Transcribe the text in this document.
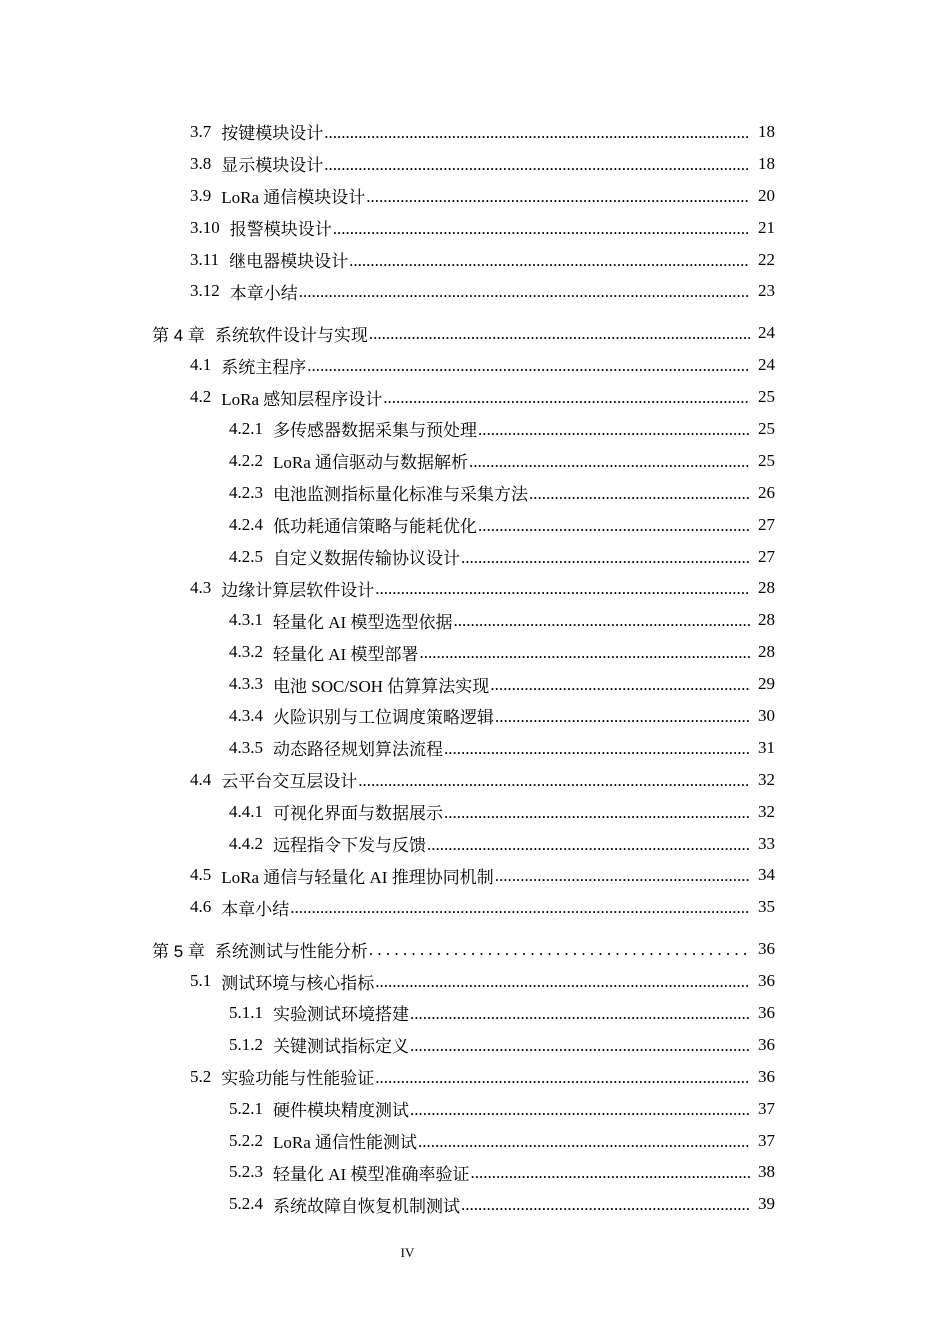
3.7 按键模块设计 .....	18
3.8 显示模块设计 .....	18
3.9 LoRa 通信模块设计 .....	20
3.10 报警模块设计 .....	21
3.11 继电器模块设计 .....	22
3.12 本章小结 .....	23
第 4 章 系统软件设计与实现 .....	24
4.1 系统主程序 .....	24
4.2 LoRa 感知层程序设计 .....	25
4.2.1 多传感器数据采集与预处理 .....	25
4.2.2 LoRa 通信驱动与数据解析 .....	25
4.2.3 电池监测指标量化标准与采集方法 .....	26
4.2.4 低功耗通信策略与能耗优化 .....	27
4.2.5 自定义数据传输协议设计 .....	27
4.3 边缘计算层软件设计 .....	28
4.3.1 轻量化 AI 模型选型依据 .....	28
4.3.2 轻量化 AI 模型部署 .....	28
4.3.3 电池 SOC/SOH 估算算法实现 .....	29
4.3.4 火险识别与工位调度策略逻辑 .....	30
4.3.5 动态路径规划算法流程 .....	31
4.4 云平台交互层设计 .....	32
4.4.1 可视化界面与数据展示 .....	32
4.4.2 远程指令下发与反馈 .....	33
4.5 LoRa 通信与轻量化 AI 推理协同机制 .....	34
4.6 本章小结 .....	35
第 5 章 系统测试与性能分析 . . .	36
5.1 测试环境与核心指标 .....	36
5.1.1 实验测试环境搭建 .....	36
5.1.2 关键测试指标定义 .....	36
5.2 实验功能与性能验证 .....	36
5.2.1 硬件模块精度测试 .....	37
5.2.2 LoRa 通信性能测试 .....	37
5.2.3 轻量化 AI 模型准确率验证 .....	38
5.2.4 系统故障自恢复机制测试 .....	39
IV
